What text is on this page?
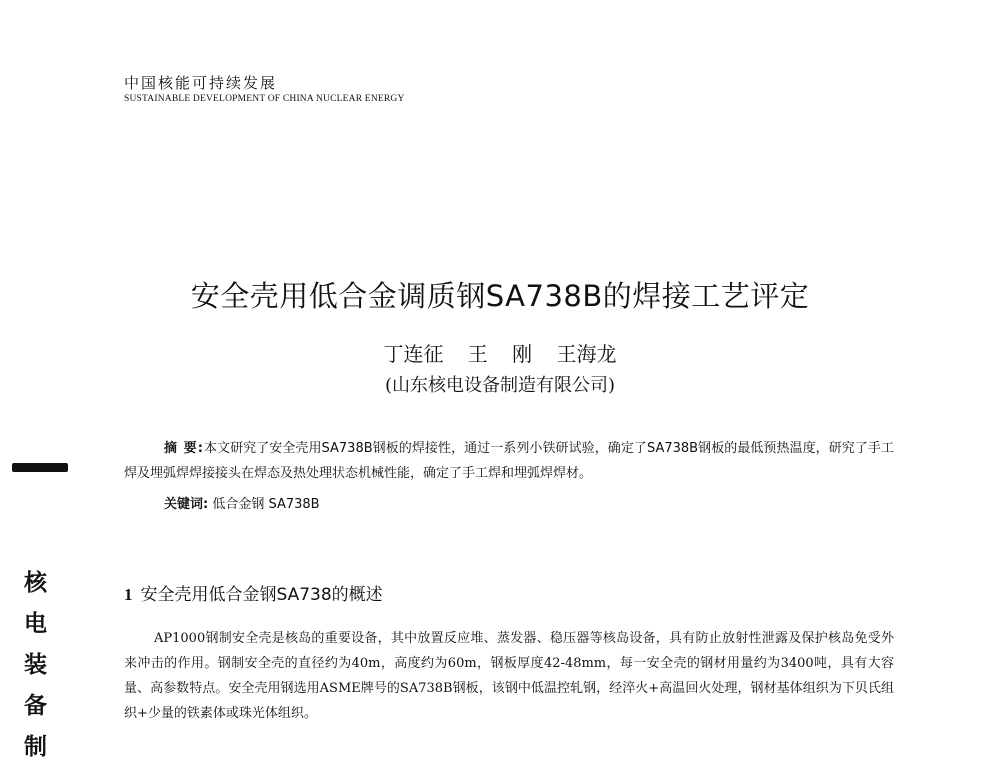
中国核能可持续发展
SUSTAINABLE DEVELOPMENT OF CHINA NUCLEAR ENERGY
安全壳用低合金调质钢SA738B的焊接工艺评定
丁连征 王 刚 王海龙
(山东核电设备制造有限公司)

摘 要:本文研究了安全壳用SA738B钢板的焊接性，通过一系列小铁研试验，确定了SA738B钢板的最低预热温度，研究了手工焊及埋弧焊焊接接头在焊态及热处理状态机械性能，确定了手工焊和埋弧焊焊材。

关键词: 低合金钢 SA738B
核
电
装
备
制
1 安全壳用低合金钢SA738的概述

AP1000钢制安全壳是核岛的重要设备，其中放置反应堆、蒸发器、稳压器等核岛设备，具有防止放射性泄露及保护核岛免受外来冲击的作用。钢制安全壳的直径约为40m，高度约为60m，钢板厚度42-48mm，每一安全壳的钢材用量约为3400吨，具有大容量、高参数特点。安全壳用钢选用ASME牌号的SA738B钢板，该钢中低温控轧钢，经淬火+高温回火处理，钢材基体组织为下贝氏组织+少量的铁素体或珠光体组织。
